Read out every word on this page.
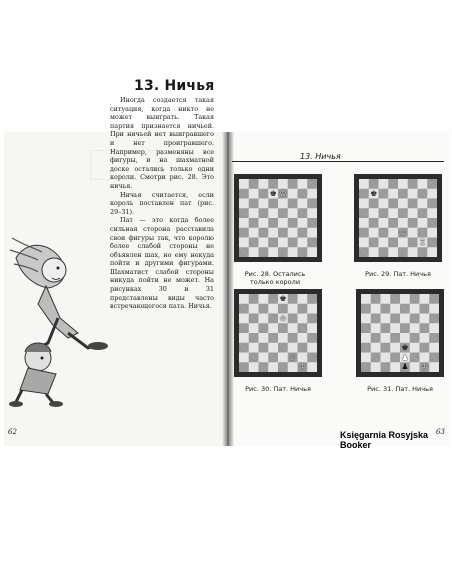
13. Ничья

Иногда создается такая ситуация, когда никто не может выиграть. Такая партия признается ничьей. При ничьей нет выигравшего и нет проигравшего. Например, разменяны все фигуры, и на шахматной доске остались только одни короли. Смотри рис. 28. Это ничья.

Ничья считается, если король поставлен пат (рис. 29–31).

Пат — это когда более сильная сторона расставила свои фигуры так, что королю более слабой стороны не объявлен шах, но ему некуда пойти и другими фигурами. Шахматист слабой стороны никуда пойти не может. На рисунках 30 и 31 представлены виды часто встречающегося пата. Ничья.

62
13. Ничья
♚ ♔	♚
♔
♖
♚
♔
♕
♔
♚
♟
♟ ♔
Рис. 28. Остались только короли
Рис. 29. Пат. Ничья
Рис. 30. Пат. Ничья	Рис. 31. Пат. Ничья
63
Księgarnia Rosyjska Booker
